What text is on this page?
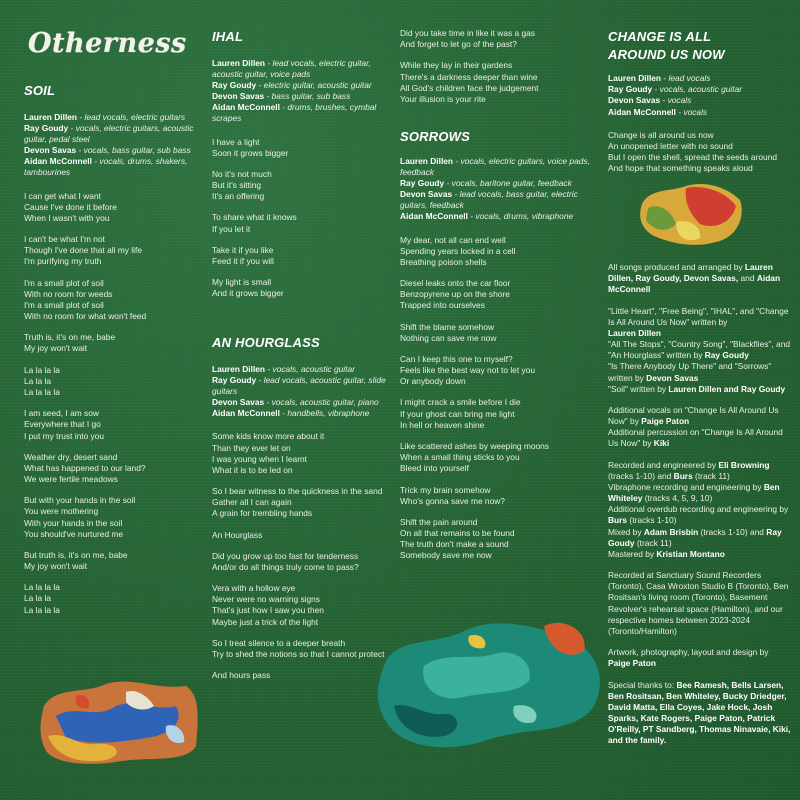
Otherness
SOIL

Lauren Dillen - lead vocals, electric guitars

Ray Goudy - vocals, electric guitars, acoustic guitar, pedal steel

Devon Savas - vocals, bass guitar, sub bass

Aidan McConnell - vocals, drums, shakers, tambourines

I can get what I want

Cause I've done it before

When I wasn't with you

I can't be what I'm not

Though I've done that all my life

I'm purifying my truth

I'm a small plot of soil

With no room for weeds

I'm a small plot of soil

With no room for what won't feed

Truth is, it's on me, babe

My joy won't wait

La la la la

La la la

La la la la

I am seed, I am sow

Everywhere that I go

I put my trust into you

Weather dry, desert sand

What has happened to our land?

We were fertile meadows

But with your hands in the soil

You were mothering

With your hands in the soil

You should've nurtured me

But truth is, it's on me, babe

My joy won't wait

La la la la

La la la

La la la la

IHAL

Lauren Dillen - lead vocals, electric guitar, acoustic guitar, voice pads

Ray Goudy - electric guitar, acoustic guitar

Devon Savas - bass guitar, sub bass

Aidan McConnell - drums, brushes, cymbal scrapes

I have a light

Soon it grows bigger

No it's not much

But it's sitting

It's an offering

To share what it knows

If you let it

Take it if you like

Feed it if you will

My light is small

And it grows bigger

AN HOURGLASS

Lauren Dillen - vocals, acoustic guitar

Ray Goudy - lead vocals, acoustic guitar, slide guitars

Devon Savas - vocals, acoustic guitar, piano

Aidan McConnell - handbells, vibraphone

Some kids know more about it

Than they ever let on

I was young when I learnt

What it is to be led on

So I bear witness to the quickness in the sand

Gather all I can again

A grain for trembling hands

An Hourglass

Did you grow up too fast for tenderness

And/or do all things truly come to pass?

Vera with a hollow eye

Never were no warning signs

That's just how I saw you then

Maybe just a trick of the light

So I treat silence to a deeper breath

Try to shed the notions so that I cannot protect

And hours pass

Did you take time in like it was a gas

And forget to let go of the past?

While they lay in their gardens

There's a darkness deeper than wine

All God's children face the judgement

Your illusion is your rite

SORROWS

Lauren Dillen - vocals, electric guitars, voice pads, feedback

Ray Goudy - vocals, baritone guitar, feedback

Devon Savas - lead vocals, bass guitar, electric guitars, feedback

Aidan McConnell - vocals, drums, vibraphone

My dear, not all can end well

Spending years locked in a cell

Breathing poison shells

Diesel leaks onto the car floor

Benzopyrene up on the shore

Trapped into ourselves

Shift the blame somehow

Nothing can save me now

Can I keep this one to myself?

Feels like the best way not to let you

Or anybody down

I might crack a smile before I die

If your ghost can bring me light

In hell or heaven shine

Like scattered ashes by weeping moons

When a small thing sticks to you

Bleed into yourself

Trick my brain somehow

Who's gonna save me now?

Shift the pain around

On all that remains to be found

The truth don't make a sound

Somebody save me now

CHANGE IS ALL
AROUND US NOW

Lauren Dillen - lead vocals

Ray Goudy - vocals, acoustic guitar

Devon Savas - vocals

Aidan McConnell - vocals

Change is all around us now

An unopened letter with no sound

But I open the shell, spread the seeds around

And hope that something speaks aloud

All songs produced and arranged by Lauren Dillen, Ray Goudy, Devon Savas, and Aidan McConnell

"Little Heart", "Free Being", "IHAL", and "Change Is All Around Us Now" written by

Lauren Dillen

"All The Stops", "Country Song", "Blackflies", and "An Hourglass" written by Ray Goudy

"Is There Anybody Up There" and "Sorrows" written by Devon Savas

"Soil" written by Lauren Dillen and Ray Goudy

Additional vocals on "Change Is All Around Us Now" by Paige Paton

Additional percussion on "Change Is All Around Us Now" by Kiki

Recorded and engineered by Eli Browning (tracks 1-10) and Burs (track 11)

Vibraphone recording and engineering by Ben Whiteley (tracks 4, 5, 9, 10)

Additional overdub recording and engineering by Burs (tracks 1-10)

Mixed by Adam Brisbin (tracks 1-10) and Ray Goudy (track 11)

Mastered by Kristian Montano

Recorded at Sanctuary Sound Recorders (Toronto), Casa Wroxton Studio B (Toronto), Ben Rositsan's living room (Toronto), Basement Revolver's rehearsal space (Hamilton), and our respective homes between 2023-2024 (Toronto/Hamilton)

Artwork, photography, layout and design by

Paige Paton

Special thanks to: Bee Ramesh, Bells Larsen, Ben Rositsan, Ben Whiteley, Bucky Driedger, David Matta, Ella Coyes, Jake Hock, Josh Sparks, Kate Rogers, Paige Paton, Patrick O'Reilly, PT Sandberg, Thomas Ninavaie, Kiki, and the family.
